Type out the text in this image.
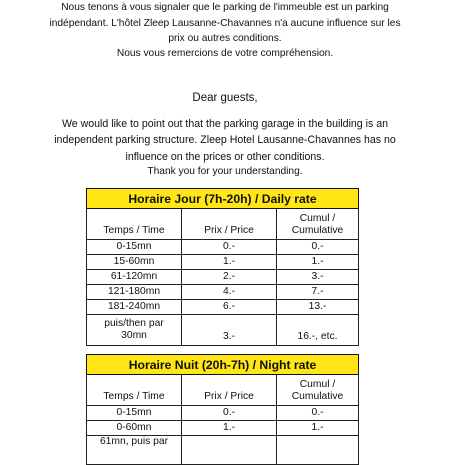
Nous tenons à vous signaler que le parking de l'immeuble est un parking indépendant. L'hôtel Zleep Lausanne-Chavannes n'a aucune influence sur les prix ou autres conditions.
Nous vous remercions de votre compréhension.
Dear guests,
We would like to point out that the parking garage in the building is an independent parking structure. Zleep Hotel Lausanne-Chavannes has no influence on the prices or other conditions.
Thank you for your understanding.
Horaire Jour (7h-20h) / Daily rate		
Temps / Time	Prix / Price	Cumul / Cumulative
0-15mn	0.-	0.-
15-60mn	1.-	1.-
61-120mn	2.-	3.-
121-180mn	4.-	7.-
181-240mn	6.-	13.-
puis/then par 30mn	3.-	16.-, etc.
Horaire Nuit (20h-7h) / Night rate		
Temps / Time	Prix / Price	Cumul / Cumulative
0-15mn	0.-	0.-
0-60mn	1.-	1.-
61mn, puis par		
